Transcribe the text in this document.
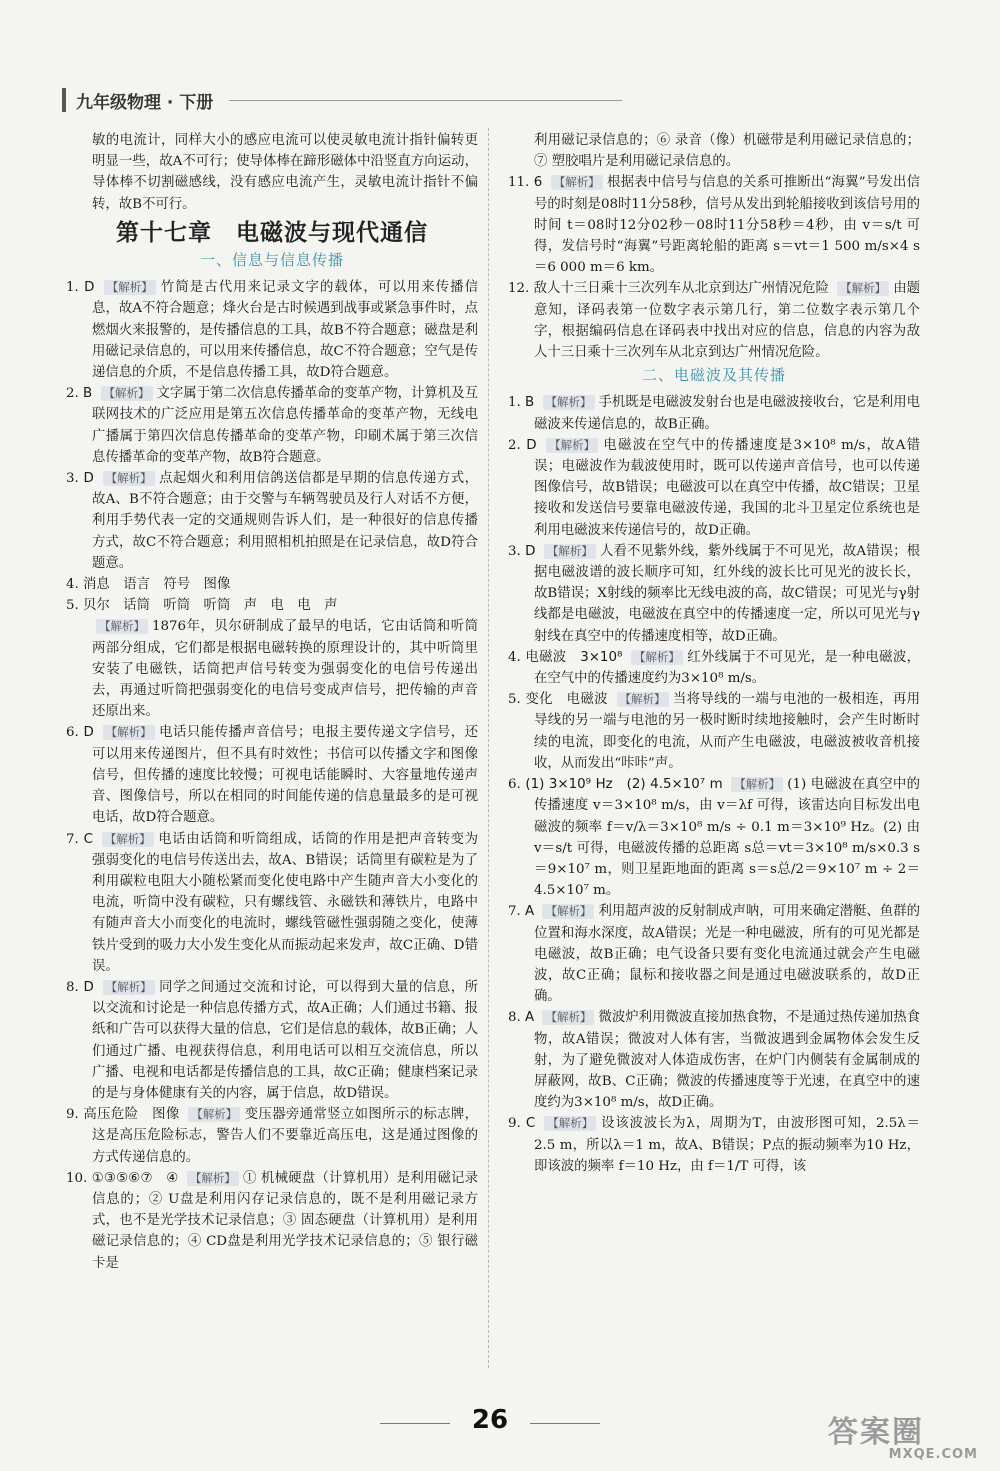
九年级物理 · 下册

敏的电流计，同样大小的感应电流可以使灵敏电流计指针偏转更明显一些，故A不可行；使导体棒在蹄形磁体中沿竖直方向运动，导体棒不切割磁感线，没有感应电流产生，灵敏电流计指针不偏转，故B不可行。

第十七章　电磁波与现代通信
一、信息与信息传播

1. D 【解析】 竹简是古代用来记录文字的载体，可以用来传播信息，故A不符合题意；烽火台是古时候遇到战事或紧急事件时，点燃烟火来报警的，是传播信息的工具，故B不符合题意；磁盘是利用磁记录信息的，可以用来传播信息，故C不符合题意；空气是传递信息的介质，不是信息传播工具，故D符合题意。

2. B 【解析】 文字属于第二次信息传播革命的变革产物，计算机及互联网技术的广泛应用是第五次信息传播革命的变革产物，无线电广播属于第四次信息传播革命的变革产物，印刷术属于第三次信息传播革命的变革产物，故B符合题意。

3. D 【解析】 点起烟火和利用信鸽送信都是早期的信息传递方式，故A、B不符合题意；由于交警与车辆驾驶员及行人对话不方便，利用手势代表一定的交通规则告诉人们，是一种很好的信息传播方式，故C不符合题意；利用照相机拍照是在记录信息，故D符合题意。

4. 消息　语言　符号　图像

5. 贝尔　话筒　听筒　听筒　声　电　电　声

【解析】 1876年，贝尔研制成了最早的电话，它由话筒和听筒两部分组成，它们都是根据电磁转换的原理设计的，其中听筒里安装了电磁铁，话筒把声信号转变为强弱变化的电信号传递出去，再通过听筒把强弱变化的电信号变成声信号，把传输的声音还原出来。

6. D 【解析】 电话只能传播声音信号；电报主要传递文字信号，还可以用来传递图片，但不具有时效性；书信可以传播文字和图像信号，但传播的速度比较慢；可视电话能瞬时、大容量地传递声音、图像信号，所以在相同的时间能传递的信息量最多的是可视电话，故D符合题意。

7. C 【解析】 电话由话筒和听筒组成，话筒的作用是把声音转变为强弱变化的电信号传送出去，故A、B错误；话筒里有碳粒是为了利用碳粒电阻大小随松紧而变化使电路中产生随声音大小变化的电流，听筒中没有碳粒，只有螺线管、永磁铁和薄铁片，电路中有随声音大小而变化的电流时，螺线管磁性强弱随之变化，使薄铁片受到的吸力大小发生变化从而振动起来发声，故C正确、D错误。

8. D 【解析】 同学之间通过交流和讨论，可以得到大量的信息，所以交流和讨论是一种信息传播方式，故A正确；人们通过书籍、报纸和广告可以获得大量的信息，它们是信息的载体，故B正确；人们通过广播、电视获得信息，利用电话可以相互交流信息，所以广播、电视和电话都是传播信息的工具，故C正确；健康档案记录的是与身体健康有关的内容，属于信息，故D错误。

9. 高压危险　图像 【解析】 变压器旁通常竖立如图所示的标志牌，这是高压危险标志，警告人们不要靠近高压电，这是通过图像的方式传递信息的。

10. ①③⑤⑥⑦　④ 【解析】 ① 机械硬盘（计算机用）是利用磁记录信息的；② U盘是利用闪存记录信息的，既不是利用磁记录方式，也不是光学技术记录信息；③ 固态硬盘（计算机用）是利用磁记录信息的；④ CD盘是利用光学技术记录信息的；⑤ 银行磁卡是

利用磁记录信息的；⑥ 录音（像）机磁带是利用磁记录信息的；⑦ 塑胶唱片是利用磁记录信息的。

11. 6 【解析】 根据表中信号与信息的关系可推断出“海翼”号发出信号的时刻是08时11分58秒，信号从发出到轮船接收到该信号用的时间 t＝08时12分02秒－08时11分58秒＝4秒，由 v＝s/t 可得，发信号时“海翼”号距离轮船的距离 s＝vt＝1 500 m/s×4 s＝6 000 m＝6 km。

12. 敌人十三日乘十三次列车从北京到达广州情况危险 【解析】 由题意知，译码表第一位数字表示第几行，第二位数字表示第几个字，根据编码信息在译码表中找出对应的信息，信息的内容为敌人十三日乘十三次列车从北京到达广州情况危险。

二、电磁波及其传播

1. B 【解析】 手机既是电磁波发射台也是电磁波接收台，它是利用电磁波来传递信息的，故B正确。

2. D 【解析】 电磁波在空气中的传播速度是3×10⁸ m/s，故A错误；电磁波作为载波使用时，既可以传递声音信号，也可以传递图像信号，故B错误；电磁波可以在真空中传播，故C错误；卫星接收和发送信号要靠电磁波传递，我国的北斗卫星定位系统也是利用电磁波来传递信号的，故D正确。

3. D 【解析】 人看不见紫外线，紫外线属于不可见光，故A错误；根据电磁波谱的波长顺序可知，红外线的波长比可见光的波长长，故B错误；X射线的频率比无线电波的高，故C错误；可见光与γ射线都是电磁波，电磁波在真空中的传播速度一定，所以可见光与γ射线在真空中的传播速度相等，故D正确。

4. 电磁波　3×10⁸ 【解析】 红外线属于不可见光，是一种电磁波，在空气中的传播速度约为3×10⁸ m/s。

5. 变化　电磁波 【解析】 当将导线的一端与电池的一极相连，再用导线的另一端与电池的另一极时断时续地接触时，会产生时断时续的电流，即变化的电流，从而产生电磁波，电磁波被收音机接收，从而发出“咔咔”声。

6. (1) 3×10⁹ Hz　(2) 4.5×10⁷ m 【解析】 (1) 电磁波在真空中的传播速度 v＝3×10⁸ m/s，由 v＝λf 可得，该雷达向目标发出电磁波的频率 f＝v/λ＝3×10⁸ m/s ÷ 0.1 m＝3×10⁹ Hz。(2) 由 v＝s/t 可得，电磁波传播的总距离 s总＝vt＝3×10⁸ m/s×0.3 s＝9×10⁷ m，则卫星距地面的距离 s＝s总/2＝9×10⁷ m ÷ 2＝4.5×10⁷ m。

7. A 【解析】 利用超声波的反射制成声呐，可用来确定潜艇、鱼群的位置和海水深度，故A错误；光是一种电磁波，所有的可见光都是电磁波，故B正确；电气设备只要有变化电流通过就会产生电磁波，故C正确；鼠标和接收器之间是通过电磁波联系的，故D正确。

8. A 【解析】 微波炉利用微波直接加热食物，不是通过热传递加热食物，故A错误；微波对人体有害，当微波遇到金属物体会发生反射，为了避免微波对人体造成伤害，在炉门内侧装有金属制成的屏蔽网，故B、C正确；微波的传播速度等于光速，在真空中的速度约为3×10⁸ m/s，故D正确。

9. C 【解析】 设该波波长为λ，周期为T，由波形图可知，2.5λ＝2.5 m，所以λ＝1 m，故A、B错误；P点的振动频率为10 Hz，即该波的频率 f＝10 Hz，由 f＝1/T 可得，该

26	答案圈
MXQE.COM
